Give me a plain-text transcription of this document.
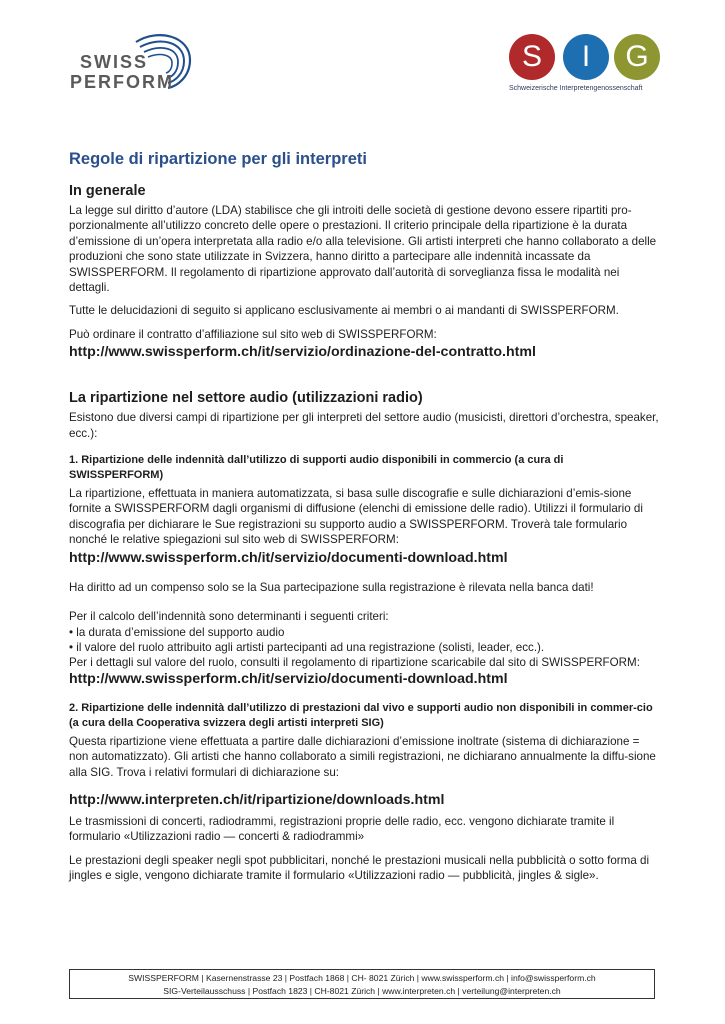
SWISS
PERFORM
S	I	G
Schweizerische Interpretengenossenschaft
Regole di ripartizione per gli interpreti
In generale

La legge sul diritto d’autore (LDA) stabilisce che gli introiti delle società di gestione devono essere ripartiti pro-porzionalmente all’utilizzo concreto delle opere o prestazioni. Il criterio principale della ripartizione è la durata d’emissione di un’opera interpretata alla radio e/o alla televisione. Gli artisti interpreti che hanno collaborato a delle produzioni che sono state utilizzate in Svizzera, hanno diritto a partecipare alle indennità incassate da SWISSPERFORM. Il regolamento di ripartizione approvato dall’autorità di sorveglianza fissa le modalità nei dettagli.

Tutte le delucidazioni di seguito si applicano esclusivamente ai membri o ai mandanti di SWISSPERFORM.

Può ordinare il contratto d’affiliazione sul sito web di SWISSPERFORM:

http://www.swissperform.ch/it/servizio/ordinazione-del-contratto.html
La ripartizione nel settore audio (utilizzazioni radio)

Esistono due diversi campi di ripartizione per gli interpreti del settore audio (musicisti, direttori d’orchestra, speaker, ecc.):

1. Ripartizione delle indennità dall’utilizzo di supporti audio disponibili in commercio (a cura di SWISSPERFORM)

La ripartizione, effettuata in maniera automatizzata, si basa sulle discografie e sulle dichiarazioni d’emis-sione fornite a SWISSPERFORM dagli organismi di diffusione (elenchi di emissione delle radio). Utilizzi il formulario di discografia per dichiarare le Sue registrazioni su supporto audio a SWISSPERFORM. Troverà tale formulario nonché le relative spiegazioni sul sito web di SWISSPERFORM:

http://www.swissperform.ch/it/servizio/documenti-download.html

Ha diritto ad un compenso solo se la Sua partecipazione sulla registrazione è rilevata nella banca dati!

Per il calcolo dell’indennità sono determinanti i seguenti criteri:

• la durata d’emissione del supporto audio

• il valore del ruolo attribuito agli artisti partecipanti ad una registrazione (solisti, leader, ecc.).

Per i dettagli sul valore del ruolo, consulti il regolamento di ripartizione scaricabile dal sito di SWISSPERFORM:

http://www.swissperform.ch/it/servizio/documenti-download.html
2. Ripartizione delle indennità dall’utilizzo di prestazioni dal vivo e supporti audio non disponibili in commer-cio (a cura della Cooperativa svizzera degli artisti interpreti SIG)

Questa ripartizione viene effettuata a partire dalle dichiarazioni d’emissione inoltrate (sistema di dichiarazione = non automatizzato). Gli artisti che hanno collaborato a simili registrazioni, ne dichiarano annualmente la diffu-sione alla SIG. Trova i relativi formulari di dichiarazione su:

http://www.interpreten.ch/it/ripartizione/downloads.html

Le trasmissioni di concerti, radiodrammi, registrazioni proprie delle radio, ecc. vengono dichiarate tramite il formulario «Utilizzazioni radio — concerti & radiodrammi»

Le prestazioni degli speaker negli spot pubblicitari, nonché le prestazioni musicali nella pubblicità o sotto forma di jingles e sigle, vengono dichiarate tramite il formulario «Utilizzazioni radio — pubblicità, jingles & sigle».

SWISSPERFORM | Kasernenstrasse 23 | Postfach 1868 | CH- 8021 Zürich | www.swissperform.ch | info@swissperform.ch
SIG-Verteilausschuss | Postfach 1823 | CH-8021 Zürich | www.interpreten.ch | verteilung@interpreten.ch
